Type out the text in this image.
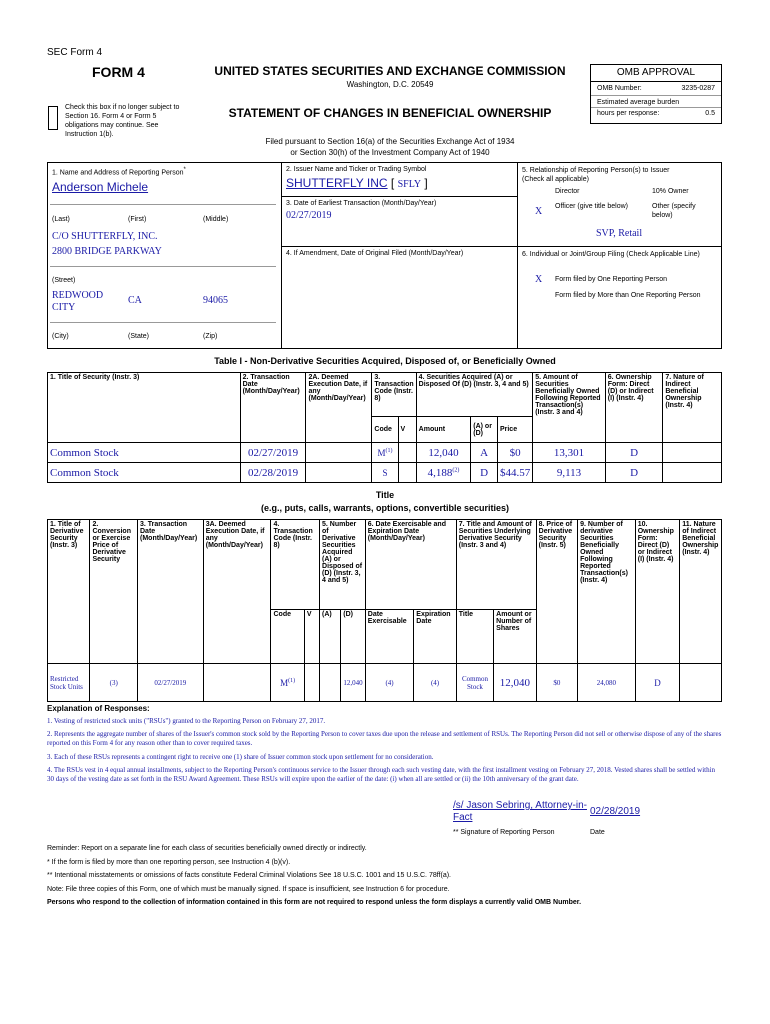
SEC Form 4
FORM 4	UNITED STATES SECURITIES AND EXCHANGE COMMISSION
Washington, D.C. 20549
Check this box if no longer subject to Section 16. Form 4 or Form 5 obligations may continue. See Instruction 1(b).
STATEMENT OF CHANGES IN BENEFICIAL OWNERSHIP
Filed pursuant to Section 16(a) of the Securities Exchange Act of 1934
or Section 30(h) of the Investment Company Act of 1940
OMB APPROVAL
OMB Number:	3235-0287
Estimated average burden
hours per response:	0.5
1. Name and Address of Reporting Person*
Anderson Michele
(Last)	(First)	(Middle)
C/O SHUTTERFLY, INC.
2800 BRIDGE PARKWAY
(Street)
REDWOOD CITY
CA	94065
(City)	(State)	(Zip)
2. Issuer Name and Ticker or Trading Symbol
SHUTTERFLY INC [ SFLY ]
3. Date of Earliest Transaction (Month/Day/Year)
02/27/2019
4. If Amendment, Date of Original Filed (Month/Day/Year)
5. Relationship of Reporting Person(s) to Issuer
(Check all applicable)
Director	10% Owner
X Officer (give title below)	Other (specify below)
SVP, Retail
6. Individual or Joint/Group Filing (Check Applicable Line)
X Form filed by One Reporting Person
Form filed by More than One Reporting Person
Table I - Non-Derivative Securities Acquired, Disposed of, or Beneficially Owned
1. Title of Security (Instr. 3)	2. Transaction Date (Month/Day/Year)	2A. Deemed Execution Date, if any (Month/Day/Year)	3. Transaction Code (Instr. 8)		4. Securities Acquired (A) or Disposed Of (D) (Instr. 3, 4 and 5)			5. Amount of Securities Beneficially Owned Following Reported Transaction(s) (Instr. 3 and 4)	6. Ownership Form: Direct (D) or Indirect (I) (Instr. 4)	7. Nature of Indirect Beneficial Ownership (Instr. 4)
			Code	V	Amount	(A) or (D)	Price			
Common Stock	02/27/2019		$M^{(1)}$		12,040	A	$0	13,301	D	
Common Stock	02/28/2019		S		4,188$^{(2)}$	D	$44.57	9,113	D	
Title
(e.g., puts, calls, warrants, options, convertible securities)
1. Title of Derivative Security (Instr. 3)	2. Conversion or Exercise Price of Derivative Security	3. Transaction Date (Month/Day/Year)	3A. Deemed Execution Date, if any (Month/Day/Year)	4. Transaction Code (Instr. 8)		5. Number of Derivative Securities Acquired (A) or Disposed of (D) (Instr. 3, 4 and 5)		6. Date Exercisable and Expiration Date (Month/Day/Year)		7. Title and Amount of Securities Underlying Derivative Security (Instr. 3 and 4)		8. Price of Derivative Security (Instr. 5)	9. Number of derivative Securities Beneficially Owned Following Reported Transaction(s) (Instr. 4)	10. Ownership Form: Direct (D) or Indirect (I) (Instr. 4)	11. Nature of Indirect Beneficial Ownership (Instr. 4)
				Code	V	(A)	(D)	Date Exercisable	Expiration Date	Title	Amount or Number of Shares				
Restricted Stock Units	(3)	02/27/2019		$M^{(1)}$			12,040	(4)	(4)	Common Stock	12,040	$0	24,080	D	
Explanation of Responses:
1. Vesting of restricted stock units ("RSUs") granted to the Reporting Person on February 27, 2017.
2. Represents the aggregate number of shares of the Issuer's common stock sold by the Reporting Person to cover taxes due upon the release and settlement of RSUs. The Reporting Person did not sell or otherwise dispose of any of the shares reported on this Form 4 for any reason other than to cover required taxes.
3. Each of these RSUs represents a contingent right to receive one (1) share of Issuer common stock upon settlement for no consideration.
4. The RSUs vest in 4 equal annual installments, subject to the Reporting Person's continuous service to the Issuer through each such vesting date, with the first installment vesting on February 27, 2018. Vested shares shall be settled within 30 days of the vesting date as set forth in the RSU Award Agreement. These RSUs will expire upon the earlier of the date: (i) when all are settled or (ii) the 10th anniversary of the grant date.
/s/ Jason Sebring, Attorney-in-Fact
02/28/2019
** Signature of Reporting Person	Date
Reminder: Report on a separate line for each class of securities beneficially owned directly or indirectly.
* If the form is filed by more than one reporting person, see Instruction 4 (b)(v).
** Intentional misstatements or omissions of facts constitute Federal Criminal Violations See 18 U.S.C. 1001 and 15 U.S.C. 78ff(a).
Note: File three copies of this Form, one of which must be manually signed. If space is insufficient, see Instruction 6 for procedure.
Persons who respond to the collection of information contained in this form are not required to respond unless the form displays a currently valid OMB Number.
